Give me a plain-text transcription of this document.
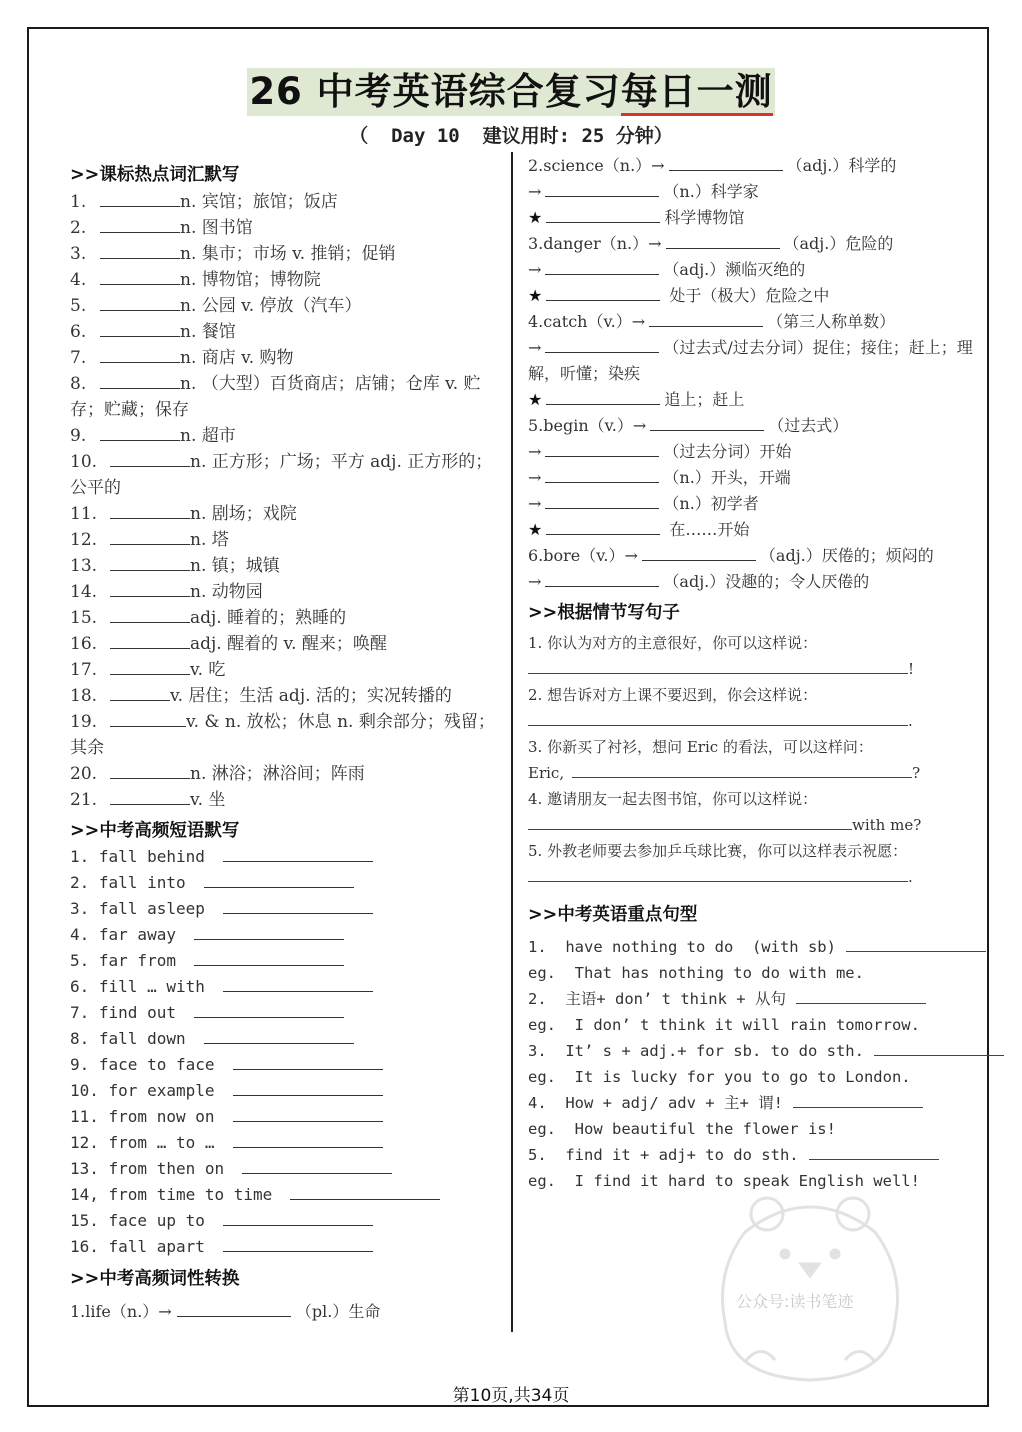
26 中考英语综合复习每日一测
（  Day 10  建议用时: 25 分钟）
>>课标热点词汇默写
1.	n. 宾馆；旅馆；饭店
2.	n. 图书馆
3.	n. 集市；市场 v. 推销；促销
4.	n. 博物馆；博物院
5.	n. 公园 v. 停放（汽车）
6.	n. 餐馆
7.	n. 商店 v. 购物
8.	n. （大型）百货商店；店铺；仓库 v. 贮存；贮藏；保存
9.	n. 超市
10.	n. 正方形；广场；平方 adj. 正方形的；公平的
11.	n. 剧场；戏院
12.	n. 塔
13.	n. 镇；城镇
14.	n. 动物园
15.	adj. 睡着的；熟睡的
16.	adj. 醒着的 v. 醒来；唤醒
17.	v. 吃
18.	v. 居住；生活 adj. 活的；实况转播的
19.	v. & n. 放松；休息 n. 剩余部分；残留；其余
20.	n. 淋浴；淋浴间；阵雨
21.	v. 坐
>>中考高频短语默写
1. fall behind
2. fall into
3. fall asleep
4. far away
5. far from
6. fill … with
7. find out
8. fall down
9. face to face
10. for example
11. from now on
12. from … to …
13. from then on
14, from time to time
15. face up to
16. fall apart
>>中考高频词性转换
1.life（n.）→	（pl.）生命
2.science（n.）→	（adj.）科学的
→	（n.）科学家
★	科学博物馆
3.danger（n.）→	（adj.）危险的
→	（adj.）濒临灭绝的
★	处于（极大）危险之中
4.catch（v.）→	（第三人称单数）
→	（过去式/过去分词）捉住；接住；赶上；理解，听懂；染疾
★	追上；赶上
5.begin（v.）→	（过去式）
→	（过去分词）开始
→	（n.）开头，开端
→	（n.）初学者
★	在……开始
6.bore（v.）→	（adj.）厌倦的；烦闷的
→	（adj.）没趣的；令人厌倦的
>>根据情节写句子
1. 你认为对方的主意很好，你可以这样说：
!
2. 想告诉对方上课不要迟到，你会这样说：
.
3. 你新买了衬衫，想问 Eric 的看法，可以这样问：
Eric,	?
4. 邀请朋友一起去图书馆，你可以这样说：
with me?
5. 外教老师要去参加乒乓球比赛，你可以这样表示祝愿：
.
>>中考英语重点句型
1.  have nothing to do  (with sb)
eg.  That has nothing to do with me.
2.  主语+ don’ t think + 从句
eg.  I don’ t think it will rain tomorrow.
3.  It’ s + adj.+ for sb. to do sth.
eg.  It is lucky for you to go to London.
4.  How + adj/ adv + 主+ 谓!
eg.  How beautiful the flower is!
5.  find it + adj+ to do sth.
eg.  I find it hard to speak English well!
公众号:读书笔迹
第10页,共34页
